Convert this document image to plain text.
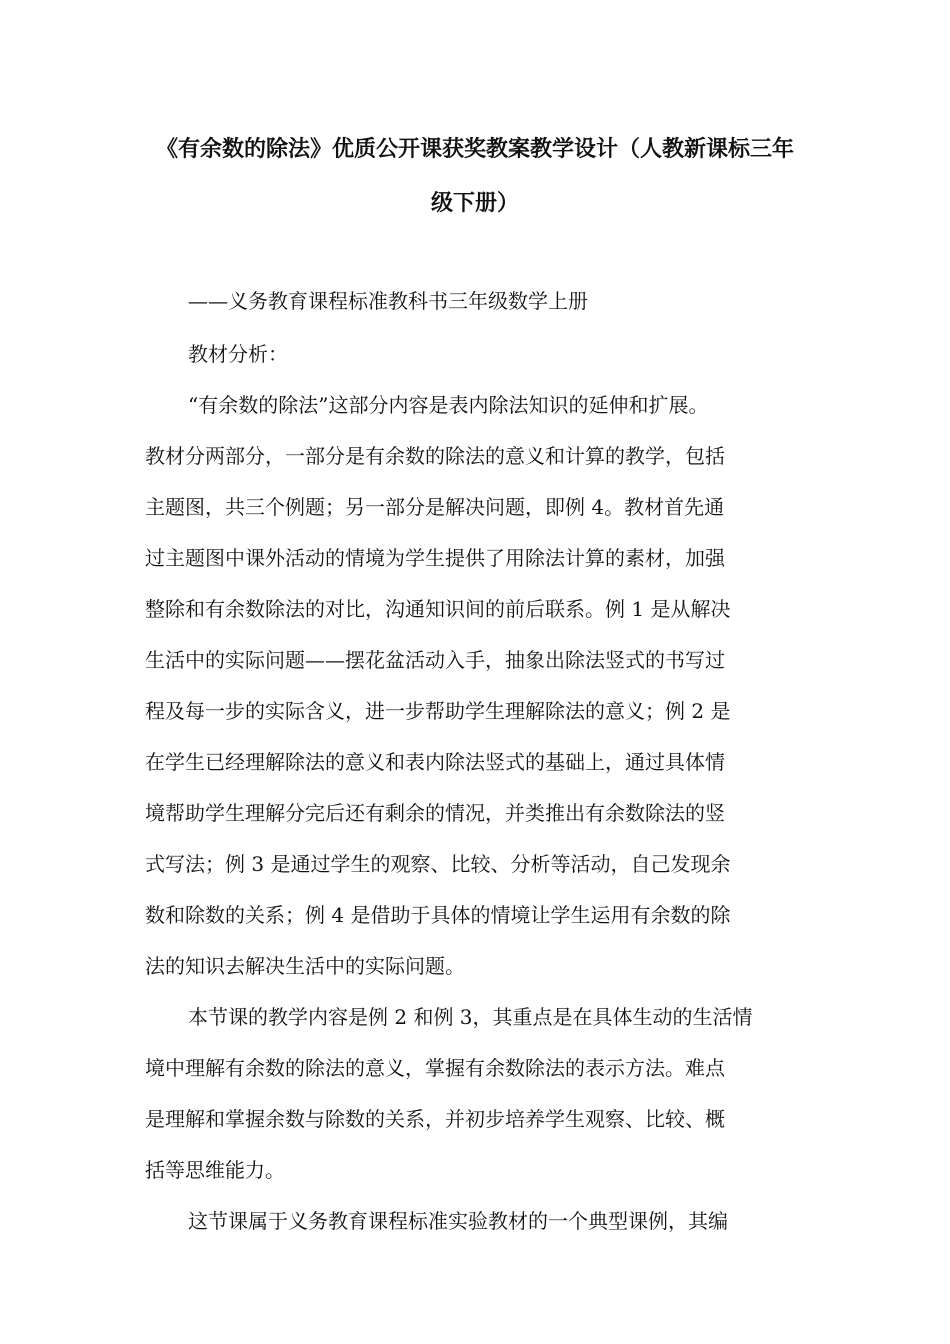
《有余数的除法》优质公开课获奖教案教学设计（人教新课标三年
级下册）
——义务教育课程标准教科书三年级数学上册
教材分析：
“有余数的除法”这部分内容是表内除法知识的延伸和扩展。
教材分两部分，一部分是有余数的除法的意义和计算的教学，包括
主题图，共三个例题；另一部分是解决问题，即例 4。教材首先通
过主题图中课外活动的情境为学生提供了用除法计算的素材，加强
整除和有余数除法的对比，沟通知识间的前后联系。例 1 是从解决
生活中的实际问题——摆花盆活动入手，抽象出除法竖式的书写过
程及每一步的实际含义，进一步帮助学生理解除法的意义；例 2 是
在学生已经理解除法的意义和表内除法竖式的基础上，通过具体情
境帮助学生理解分完后还有剩余的情况，并类推出有余数除法的竖
式写法；例 3 是通过学生的观察、比较、分析等活动，自己发现余
数和除数的关系；例 4 是借助于具体的情境让学生运用有余数的除
法的知识去解决生活中的实际问题。
本节课的教学内容是例 2 和例 3，其重点是在具体生动的生活情
境中理解有余数的除法的意义，掌握有余数除法的表示方法。难点
是理解和掌握余数与除数的关系，并初步培养学生观察、比较、概
括等思维能力。
这节课属于义务教育课程标准实验教材的一个典型课例，其编
